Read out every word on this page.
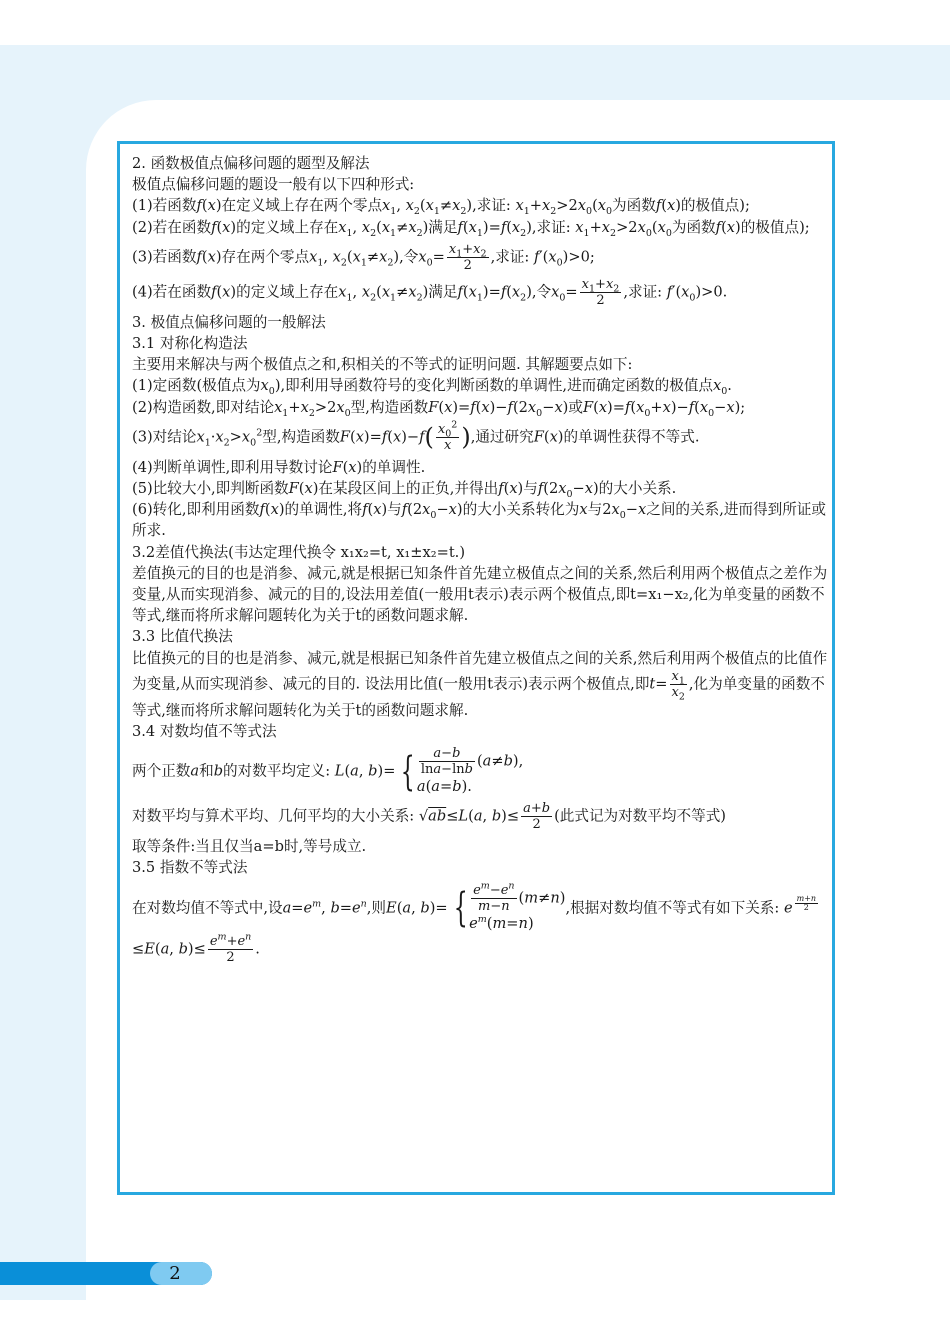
2. 函数极值点偏移问题的题型及解法

极值点偏移问题的题设一般有以下四种形式:

(1)若函数f(x)在定义域上存在两个零点$x_1$, $x_2(x_1\ne x_2)$,求证: $x_1+x_2>2x_0(x_0$为函数f(x)的极值点);

(2)若在函数f(x)的定义域上存在$x_1$, $x_2(x_1\ne x_2)$满足$f(x_1)=f(x_2)$,求证: $x_1+x_2>2x_0(x_0$为函数f(x)的极值点);

(3)若函数f(x)存在两个零点$x_1$, $x_2(x_1\ne x_2)$,令$x_0= \frac{x_1+x_2}{2}$ ,求证: $f'(x_0)>0$;

(4)若在函数f(x)的定义域上存在$x_1$, $x_2(x_1\ne x_2)$满足$f(x_1)=f(x_2)$,令$x_0= \frac{x_1+x_2}{2}$ ,求证: $f'(x_0)>0$.

3. 极值点偏移问题的一般解法

3.1 对称化构造法

主要用来解决与两个极值点之和,积相关的不等式的证明问题. 其解题要点如下:

(1)定函数(极值点为$x_0$),即利用导函数符号的变化判断函数的单调性,进而确定函数的极值点$x_0$.

(2)构造函数,即对结论$x_1+x_2>2x_0$型,构造函数$F(x)=f(x)-f(2x_0-x)$或$F(x)=f(x_0+x)-f(x_0-x)$;

(3)对结论$x_1\cdot x_2>x_0^2$型,构造函数$F(x)=f(x)-f( \frac{x_0^2}{x}$ ),通过研究F(x)的单调性获得不等式.

(4)判断单调性,即利用导数讨论F(x)的单调性.

(5)比较大小,即判断函数F(x)在某段区间上的正负,并得出f(x)与$f(2x_0-x)$的大小关系.

(6)转化,即利用函数f(x)的单调性,将f(x)与$f(2x_0-x)$的大小关系转化为x与$2x_0-x$之间的关系,进而得到所证或所求.

3.2差值代换法(韦达定理代换令 x₁x₂=t, x₁±x₂=t.)

差值换元的目的也是消参、减元,就是根据已知条件首先建立极值点之间的关系,然后利用两个极值点之差作为变量,从而实现消参、减元的目的,设法用差值(一般用t表示)表示两个极值点,即t=x₁−x₂,化为单变量的函数不等式,继而将所求解问题转化为关于t的函数问题求解.

3.3 比值代换法

比值换元的目的也是消参、减元,就是根据已知条件首先建立极值点之间的关系,然后利用两个极值点的比值作为变量,从而实现消参、减元的目的. 设法用比值(一般用t表示)表示两个极值点,即$t= \frac{x_1}{x_2}$ ,化为单变量的函数不等式,继而将所求解问题转化为关于t的函数问题求解.

3.4 对数均值不等式法

两个正数a和b的对数平均定义: L(a, b)= { $\frac{a-b}{\ln a-\ln b} (a\ne b)$,
a(a=b).

对数平均与算术平均、几何平均的大小关系: √ab≤L(a, $b)\le \frac{a+b}{2}$ (此式记为对数平均不等式)

取等条件:当且仅当a=b时,等号成立.

3.5 指数不等式法

在对数均值不等式中,设$a=e^m$, $b=e^n$,则E(a, b)= { $\frac{e^m-e^n}{m-n} (m\ne n)$
$e^m(m=n)$
,根据对数均值不等式有如下关系: e $^{\frac{m+n}{2}}$
≤E(a, $b)\le \frac{e^m+e^n}{2}$ .

2
